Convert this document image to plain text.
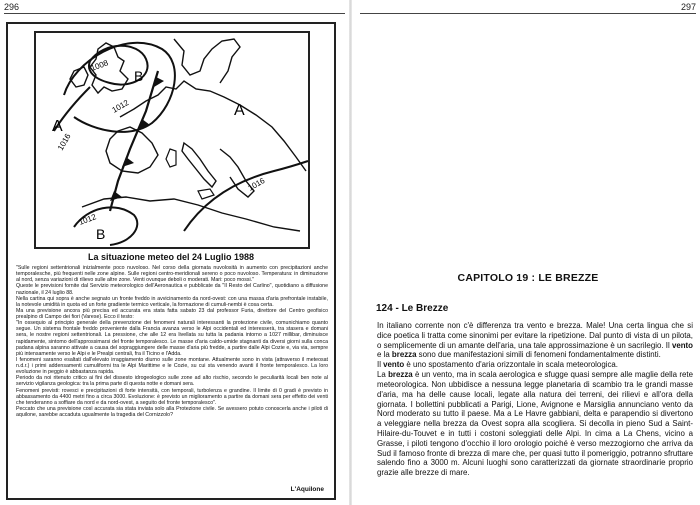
296
A
A
B
B
1008
1012
1016
1016
1012
La situazione meteo del 24 Luglio 1988

"Sulle regioni settentrionali inizialmente poco nuvoloso. Nel corso della giornata nuvolosità in aumento con precipitazioni anche temporalesche, più frequenti nelle zone alpine. Sulle regioni centro-meridionali sereno o poco nuvoloso. Temperatura: in diminuzione al nord, senza variazioni di rilievo sulle altre zone. Venti ovunque deboli o moderati. Mari: poco mossi."

Queste le previsioni fornite dal Servizio meteorologico dell'Aeronautica e pubblicate da "Il Resto del Carlino", quotidiano a diffusione nazionale, il 24 luglio 88.

Nella cartina qui sopra è anche segnato un fronte freddo in avvicinamento da nord-ovest: con una massa d'aria prefrontale instabile, la notevole umidità in quota ed un forte gradiente termico verticale, la formazione di cumuli-nembi è cosa certa.

Ma una previsione ancora più precisa ed accurata era stata fatta sabato 23 dal professor Furia, direttore del Centro geofisico prealpino di Campo dei fiori (Varese). Ecco il testo:

"In ossequio al principio generale della prevenzione dei fenomeni naturali interessanti la protezione civile, comunichiamo quanto segue. Un sistema frontale freddo proveniente dalla Francia avanza verso le Alpi occidentali ed interesserà, tra stasera e domani sera, le nostre regioni settentrionali. La pressione, che alle 12 era livellata su tutta la padania intorno a 1027 millibar, diminuisce rapidamente, sintomo dell'approssimarsi del fronte temporalesco. Le masse d'aria caldo-umide stagnanti da diversi giorni sulla conca padana alpina saranno attivate a causa del sopraggiungere delle masse d'aria più fredde, a partire dalle Alpi Cozie e, via via, sempre più intensamente verso le Alpi e le Prealpi centrali, fra il Ticino e l'Adda.

I fenomeni saranno esaltati dall'elevato irraggiamento diurno sulle zone montane. Attualmente sono in vista (attraverso il meteosat n.d.r.) i primi addensamenti cumuliformi tra le Alpi Marittime e le Cozie, su cui sta venendo avanti il fronte temporalesco. La loro evoluzione in peggio è abbastanza rapida.

Periodo da noi ritenuto critico ai fini del dissesto idrogeologico sulle zone ad alto rischio, secondo le peculiarità locali ben note al servizio vigilanza geologica: tra la prima parte di questa notte e domani sera.

Fenomeni previsti: rovesci e precipitazioni di forte intensità, con temporali, turbolenza e grandine. Il limite di 0 gradi è previsto in abbassamento da 4400 metri fino a circa 3000. Evoluzione: è previsto un miglioramento a partire da domani sera per effetto dei venti che tenderanno a soffiare da nord e da nord-ovest, a seguito del fronte temporalesco".

Peccato che una previsione così accurata sia stata inviata solo alla Protezione civile. Se avessero potuto conoscerla anche i piloti di aquilone, sarebbe accaduta ugualmente la tragedia del Cornizzolo?

L'Aquilone
297
CAPITOLO 19 : LE BREZZE
124 - Le Brezze

In italiano corrente non c'è differenza tra vento e brezza. Male! Una certa lingua che si dice poetica li tratta come sinonimi per evitare la ripetizione. Dal punto di vista di un pilota, o semplicemente di un amante dell'aria, una tale approssimazione è un sacrilegio. Il vento e la brezza sono due manifestazioni simili di fenomeni fondamentalmente distinti.

Il vento è uno spostamento d'aria orizzontale in scala meteorologica.

La brezza è un vento, ma in scala aerologica e sfugge quasi sempre alle maglie della rete meteorologica. Non ubbidisce a nessuna legge planetaria di scambio tra le grandi masse d'aria, ma ha delle cause locali, legate alla natura dei terreni, dei rilievi e all'ora della giornata. I bollettini pubblicati a Parigi, Lione, Avignone e Marsiglia annunciano vento da Nord moderato su tutto il paese. Ma a Le Havre gabbiani, delta e parapendio si divertono a veleggiare nella brezza da Ovest sopra alla scogliera. Si decolla in pieno Sud a Saint-Hilaire-du-Touvet e in tutti i costoni soleggiati delle Alpi. In cima a La Chens, vicino a Grasse, i piloti tengono d'occhio il loro orologio poiché è verso mezzogiorno che arriva da Sud il famoso fronte di brezza di mare che, per quasi tutto il pomeriggio, potranno sfruttare salendo fino a 3000 m. Alcuni luoghi sono caratterizzati da giornate straordinarie proprio grazie alle brezze di mare.
